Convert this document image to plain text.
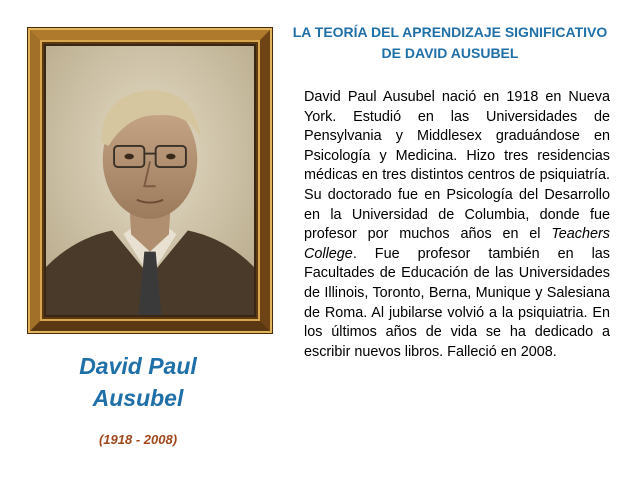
LA TEORÍA DEL APRENDIZAJE SIGNIFICATIVO
DE DAVID AUSUBEL
David Paul
Ausubel
(1918 - 2008)
David Paul Ausubel nació en 1918 en Nueva York. Estudió en las Universidades de Pensylvania y Middlesex graduándose en Psicología y Medicina. Hizo tres residencias médicas en tres distintos centros de psiquiatría. Su doctorado fue en Psicología del Desarrollo en la Universidad de Columbia, donde fue profesor por muchos años en el Teachers College. Fue profesor también en las Facultades de Educación de las Universidades de Illinois, Toronto, Berna, Munique y Salesiana de Roma. Al jubilarse volvió a la psiquiatria. En los últimos años de vida se ha dedicado a escribir nuevos libros. Falleció en 2008.
